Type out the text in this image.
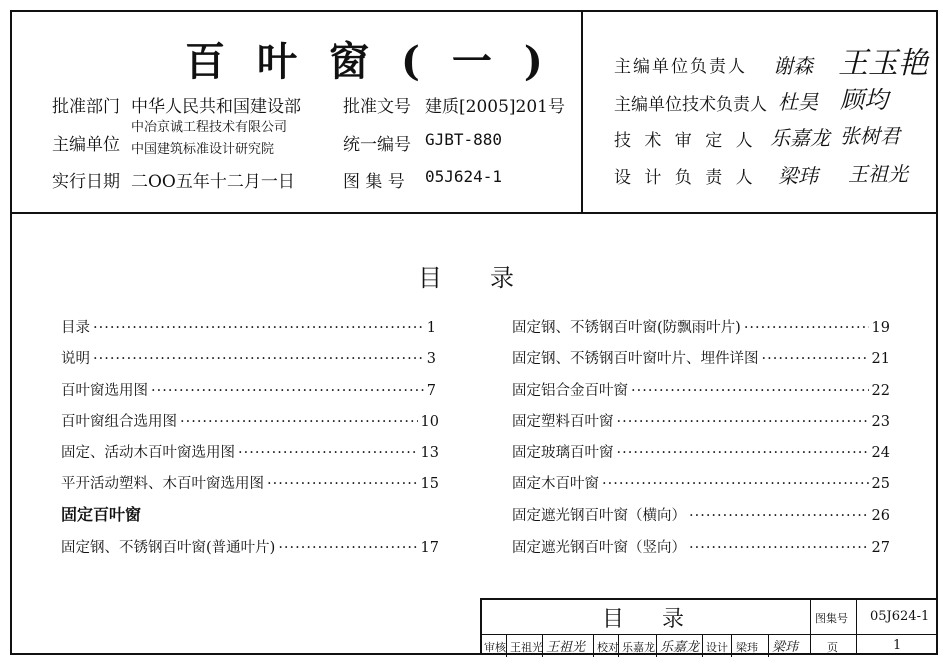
百叶窗(一)
批准部门 中华人民共和国建设部 批准文号 建质[2005]201号
主编单位
中冶京诚工程技术有限公司
中国建筑标准设计研究院	统一编号 GJBT-880
实行日期 二OO五年十二月一日	图 集 号 05J624-1
主编单位负责人 谢森 王玉艳
主编单位技术负责人 杜昊 顾均
技 术 审 定 人 乐嘉龙 张树君
设 计 负 责 人 梁玮 王祖光
目录
目录 ·····	1
说明 ·····	3
百叶窗选用图 ·····	7
百叶窗组合选用图 ·····	10
固定、活动木百叶窗选用图 ·····	13
平开活动塑料、木百叶窗选用图 ·····	15
固定百叶窗
固定钢、不锈钢百叶窗(普通叶片) ·····	17
固定钢、不锈钢百叶窗(防飘雨叶片) ·····	19
固定钢、不锈钢百叶窗叶片、埋件详图 ·····	21
固定铝合金百叶窗 ·····	22
固定塑料百叶窗 ·····	23
固定玻璃百叶窗 ·····	24
固定木百叶窗 ·····	25
固定遮光钢百叶窗（横向） ·····	26
固定遮光钢百叶窗（竖向） ·····	27
目录	图集号 05J624-1
页	1
审核 王祖光 王祖光 校对 乐嘉龙 乐嘉龙 设计 梁玮 梁玮
